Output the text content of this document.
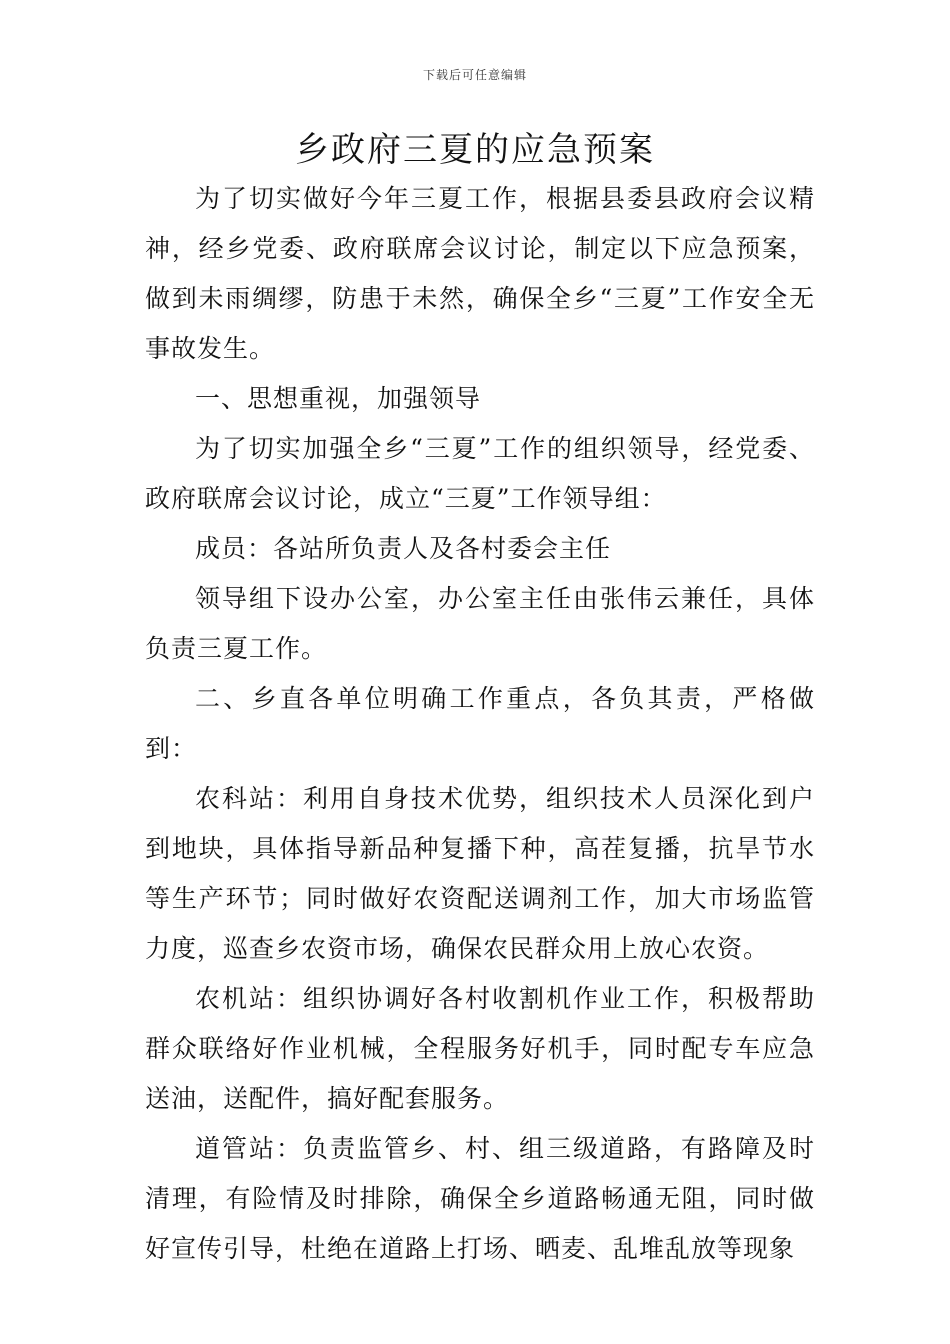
下载后可任意编辑
乡政府三夏的应急预案

为了切实做好今年三夏工作，根据县委县政府会议精神，经乡党委、政府联席会议讨论，制定以下应急预案，做到未雨绸缪，防患于未然，确保全乡“三夏”工作安全无事故发生。

一、思想重视，加强领导

为了切实加强全乡“三夏”工作的组织领导，经党委、政府联席会议讨论，成立“三夏”工作领导组：

成员：各站所负责人及各村委会主任

领导组下设办公室，办公室主任由张伟云兼任，具体负责三夏工作。

二、乡直各单位明确工作重点，各负其责，严格做到：

农科站：利用自身技术优势，组织技术人员深化到户到地块，具体指导新品种复播下种，高茬复播，抗旱节水等生产环节；同时做好农资配送调剂工作，加大市场监管力度，巡查乡农资市场，确保农民群众用上放心农资。

农机站：组织协调好各村收割机作业工作，积极帮助群众联络好作业机械，全程服务好机手，同时配专车应急送油，送配件，搞好配套服务。

道管站：负责监管乡、村、组三级道路，有路障及时清理，有险情及时排除，确保全乡道路畅通无阻，同时做好宣传引导，杜绝在道路上打场、晒麦、乱堆乱放等现象
